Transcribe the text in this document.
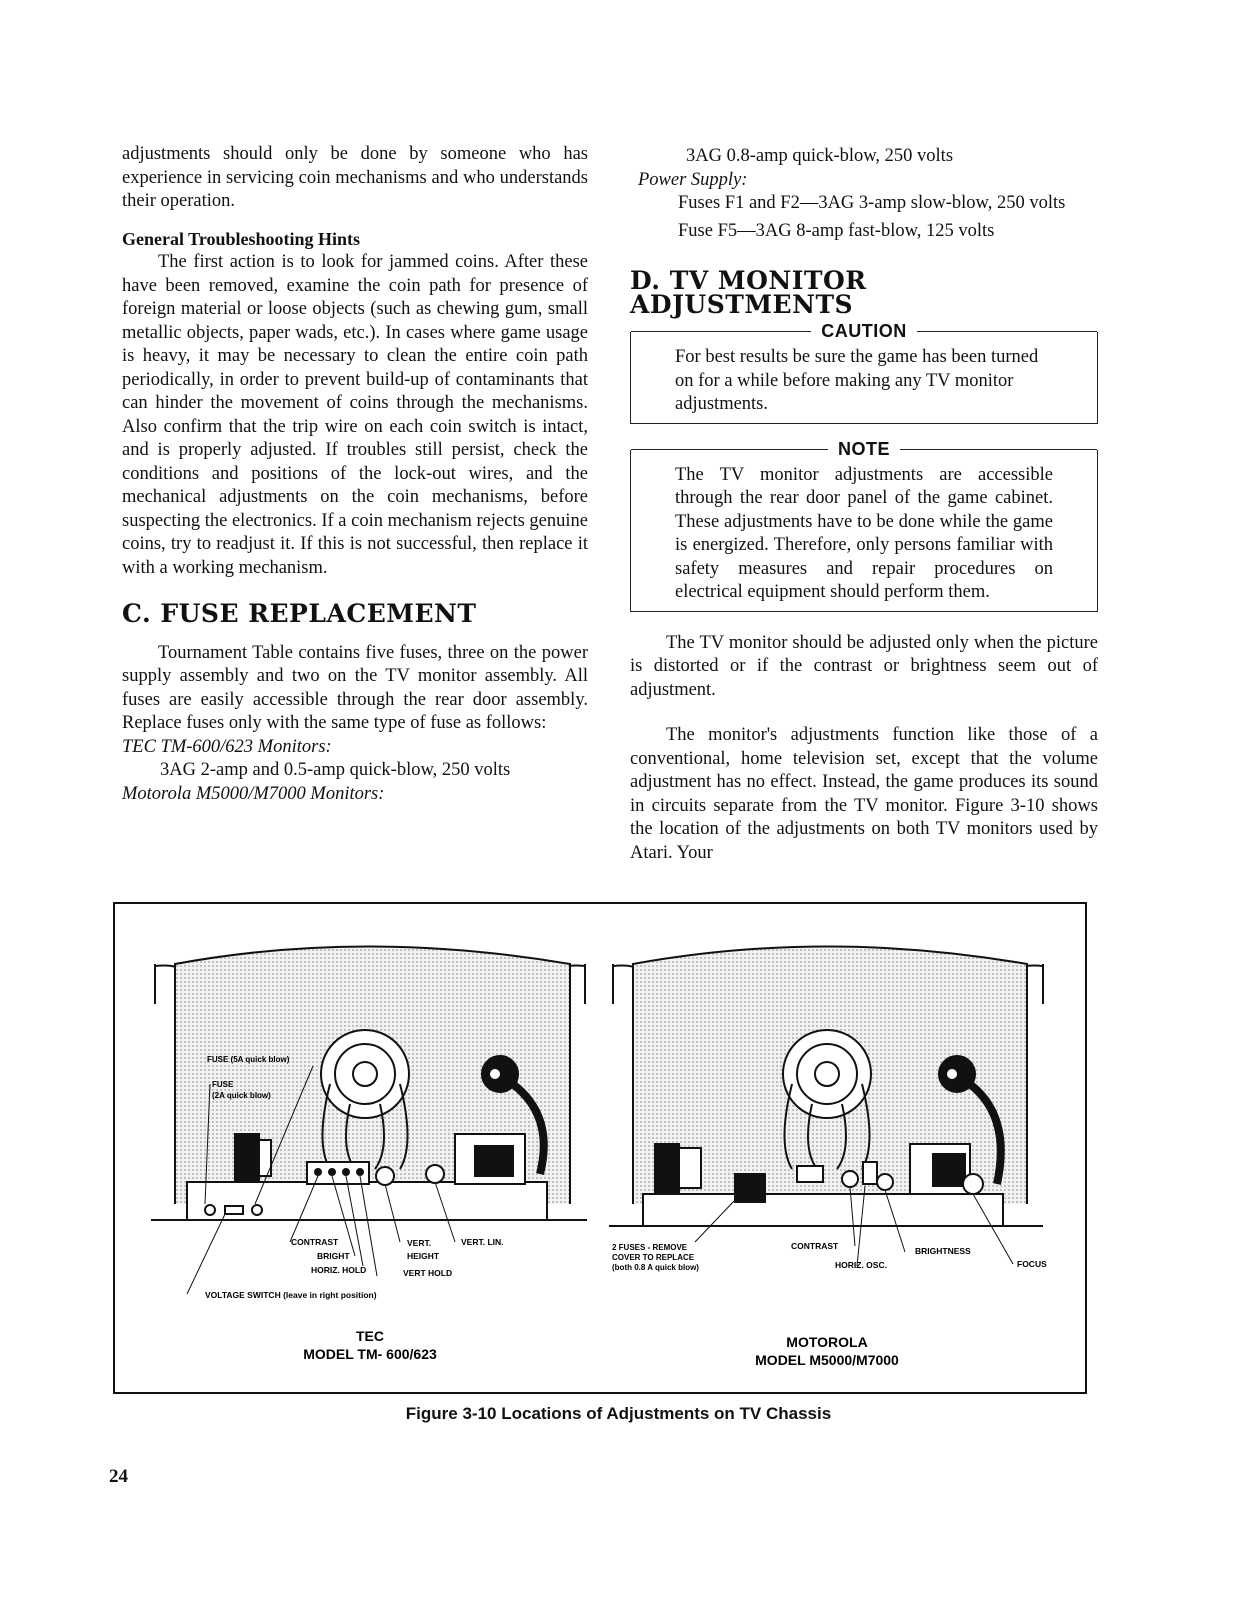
adjustments should only be done by someone who has experience in servicing coin mechanisms and who understands their operation.

General Troubleshooting Hints

The first action is to look for jammed coins. After these have been removed, examine the coin path for presence of foreign material or loose objects (such as chewing gum, small metallic objects, paper wads, etc.). In cases where game usage is heavy, it may be necessary to clean the entire coin path periodically, in order to prevent build-up of contaminants that can hinder the movement of coins through the mechanisms. Also confirm that the trip wire on each coin switch is intact, and is properly adjusted. If troubles still persist, check the conditions and positions of the lock-out wires, and the mechanical adjustments on the coin mechanisms, before suspecting the electronics. If a coin mechanism rejects genuine coins, try to readjust it. If this is not successful, then replace it with a working mechanism.

C. FUSE REPLACEMENT

Tournament Table contains five fuses, three on the power supply assembly and two on the TV monitor assembly. All fuses are easily accessible through the rear door assembly. Replace fuses only with the same type of fuse as follows:

TEC TM-600/623 Monitors:

3AG 2-amp and 0.5-amp quick-blow, 250 volts

Motorola M5000/M7000 Monitors:

3AG 0.8-amp quick-blow, 250 volts

Power Supply:

Fuses F1 and F2—3AG 3-amp slow-blow, 250 volts

Fuse F5—3AG 8-amp fast-blow, 125 volts

D. TV MONITOR ADJUSTMENTS
CAUTION

For best results be sure the game has been turned on for a while before making any TV monitor adjustments.

NOTE

The TV monitor adjustments are accessible through the rear door panel of the game cabinet. These adjustments have to be done while the game is energized. Therefore, only persons familiar with safety measures and repair procedures on electrical equipment should perform them.

The TV monitor should be adjusted only when the picture is distorted or if the contrast or brightness seem out of adjustment.

The monitor's adjustments function like those of a conventional, home television set, except that the volume adjustment has no effect. Instead, the game produces its sound in circuits separate from the TV monitor. Figure 3-10 shows the location of the adjustments on both TV monitors used by Atari. Your

FUSE (5A quick blow)
FUSE
(2A quick blow)
CONTRAST
BRIGHT
HORIZ. HOLD
VERT.
HEIGHT
VERT HOLD
VERT. LIN.
VOLTAGE SWITCH (leave in right position)
TEC
MODEL TM- 600/623
2 FUSES - REMOVE
COVER TO REPLACE
(both 0.8 A quick blow)
CONTRAST
HORIZ. OSC.
BRIGHTNESS
FOCUS
MOTOROLA
MODEL M5000/M7000
Figure 3-10 Locations of Adjustments on TV Chassis
24
